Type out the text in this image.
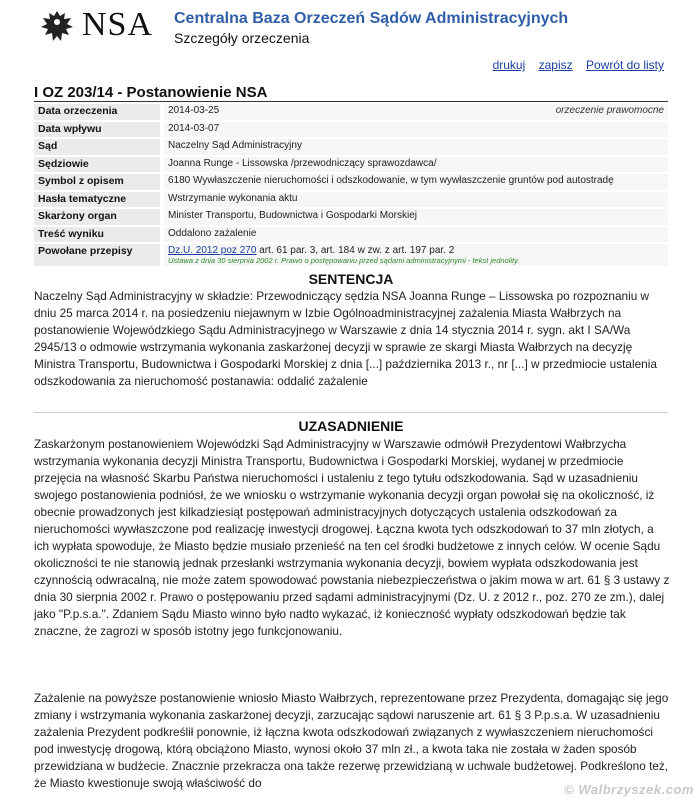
NSA Centralna Baza Orzeczeń Sądów Administracyjnych
Szczegóły orzeczenia
drukuj zapisz Powrót do listy
I OZ 203/14 - Postanowienie NSA
Data orzeczenia	2014-03-25 orzeczenie prawomocne

Data wpływu	2014-03-07
Sąd	Naczelny Sąd Administracyjny
Sędziowie	Joanna Runge - Lissowska /przewodniczący sprawozdawca/
Symbol z opisem	6180 Wywłaszczenie nieruchomości i odszkodowanie, w tym wywłaszczenie gruntów pod autostradę
Hasła tematyczne	Wstrzymanie wykonania aktu
Skarżony organ	Minister Transportu, Budownictwa i Gospodarki Morskiej
Treść wyniku	Oddalono zażalenie
Powołane przepisy	Dz.U. 2012 poz 270 art. 61 par. 3, art. 184 w zw. z art. 197 par. 2
Ustawa z dnia 30 sierpnia 2002 r. Prawo o postępowaniu przed sądami administracyjnymi - tekst jednolity.
SENTENCJA

Naczelny Sąd Administracyjny w składzie: Przewodniczący sędzia NSA Joanna Runge – Lissowska po rozpoznaniu w dniu 25 marca 2014 r. na posiedzeniu niejawnym w Izbie Ogólnoadministracyjnej zażalenia Miasta Wałbrzych na postanowienie Wojewódzkiego Sądu Administracyjnego w Warszawie z dnia 14 stycznia 2014 r. sygn. akt I SA/Wa 2945/13 o odmowie wstrzymania wykonania zaskarżonej decyzji w sprawie ze skargi Miasta Wałbrzych na decyzję Ministra Transportu, Budownictwa i Gospodarki Morskiej z dnia [...] października 2013 r., nr [...] w przedmiocie ustalenia odszkodowania za nieruchomość postanawia: oddalić zażalenie

UZASADNIENIE

Zaskarżonym postanowieniem Wojewódzki Sąd Administracyjny w Warszawie odmówił Prezydentowi Wałbrzycha wstrzymania wykonania decyzji Ministra Transportu, Budownictwa i Gospodarki Morskiej, wydanej w przedmiocie przejęcia na własność Skarbu Państwa nieruchomości i ustaleniu z tego tytułu odszkodowania. Sąd w uzasadnieniu swojego postanowienia podniósł, że we wniosku o wstrzymanie wykonania decyzji organ powołał się na okoliczność, iż obecnie prowadzonych jest kilkadziesiąt postępowań administracyjnych dotyczących ustalenia odszkodowań za nieruchomości wywłaszczone pod realizację inwestycji drogowej. Łączna kwota tych odszkodowań to 37 mln złotych, a ich wypłata spowoduje, że Miasto będzie musiało przenieść na ten cel środki budżetowe z innych celów. W ocenie Sądu okoliczności te nie stanowią jednak przesłanki wstrzymania wykonania decyzji, bowiem wypłata odszkodowania jest czynnością odwracalną, nie może zatem spowodować powstania niebezpieczeństwa o jakim mowa w art. 61 § 3 ustawy z dnia 30 sierpnia 2002 r. Prawo o postępowaniu przed sądami administracyjnymi (Dz. U. z 2012 r., poz. 270 ze zm.), dalej jako "P.p.s.a.". Zdaniem Sądu Miasto winno było nadto wykazać, iż konieczność wypłaty odszkodowań będzie tak znaczne, że zagrozi w sposób istotny jego funkcjonowaniu.

Zażalenie na powyższe postanowienie wniosło Miasto Wałbrzych, reprezentowane przez Prezydenta, domagając się jego zmiany i wstrzymania wykonania zaskarżonej decyzji, zarzucając sądowi naruszenie art. 61 § 3 P.p.s.a. W uzasadnieniu zażalenia Prezydent podkreślił ponownie, iż łączna kwota odszkodowań związanych z wywłaszczeniem nieruchomości pod inwestycję drogową, którą obciążono Miasto, wynosi około 37 mln zł., a kwota taka nie została w żaden sposób przewidziana w budżecie. Znacznie przekracza ona także rezerwę przewidzianą w uchwale budżetowej. Podkreślono też, że Miasto kwestionuje swoją właściwość do	© Walbrzyszek.com
